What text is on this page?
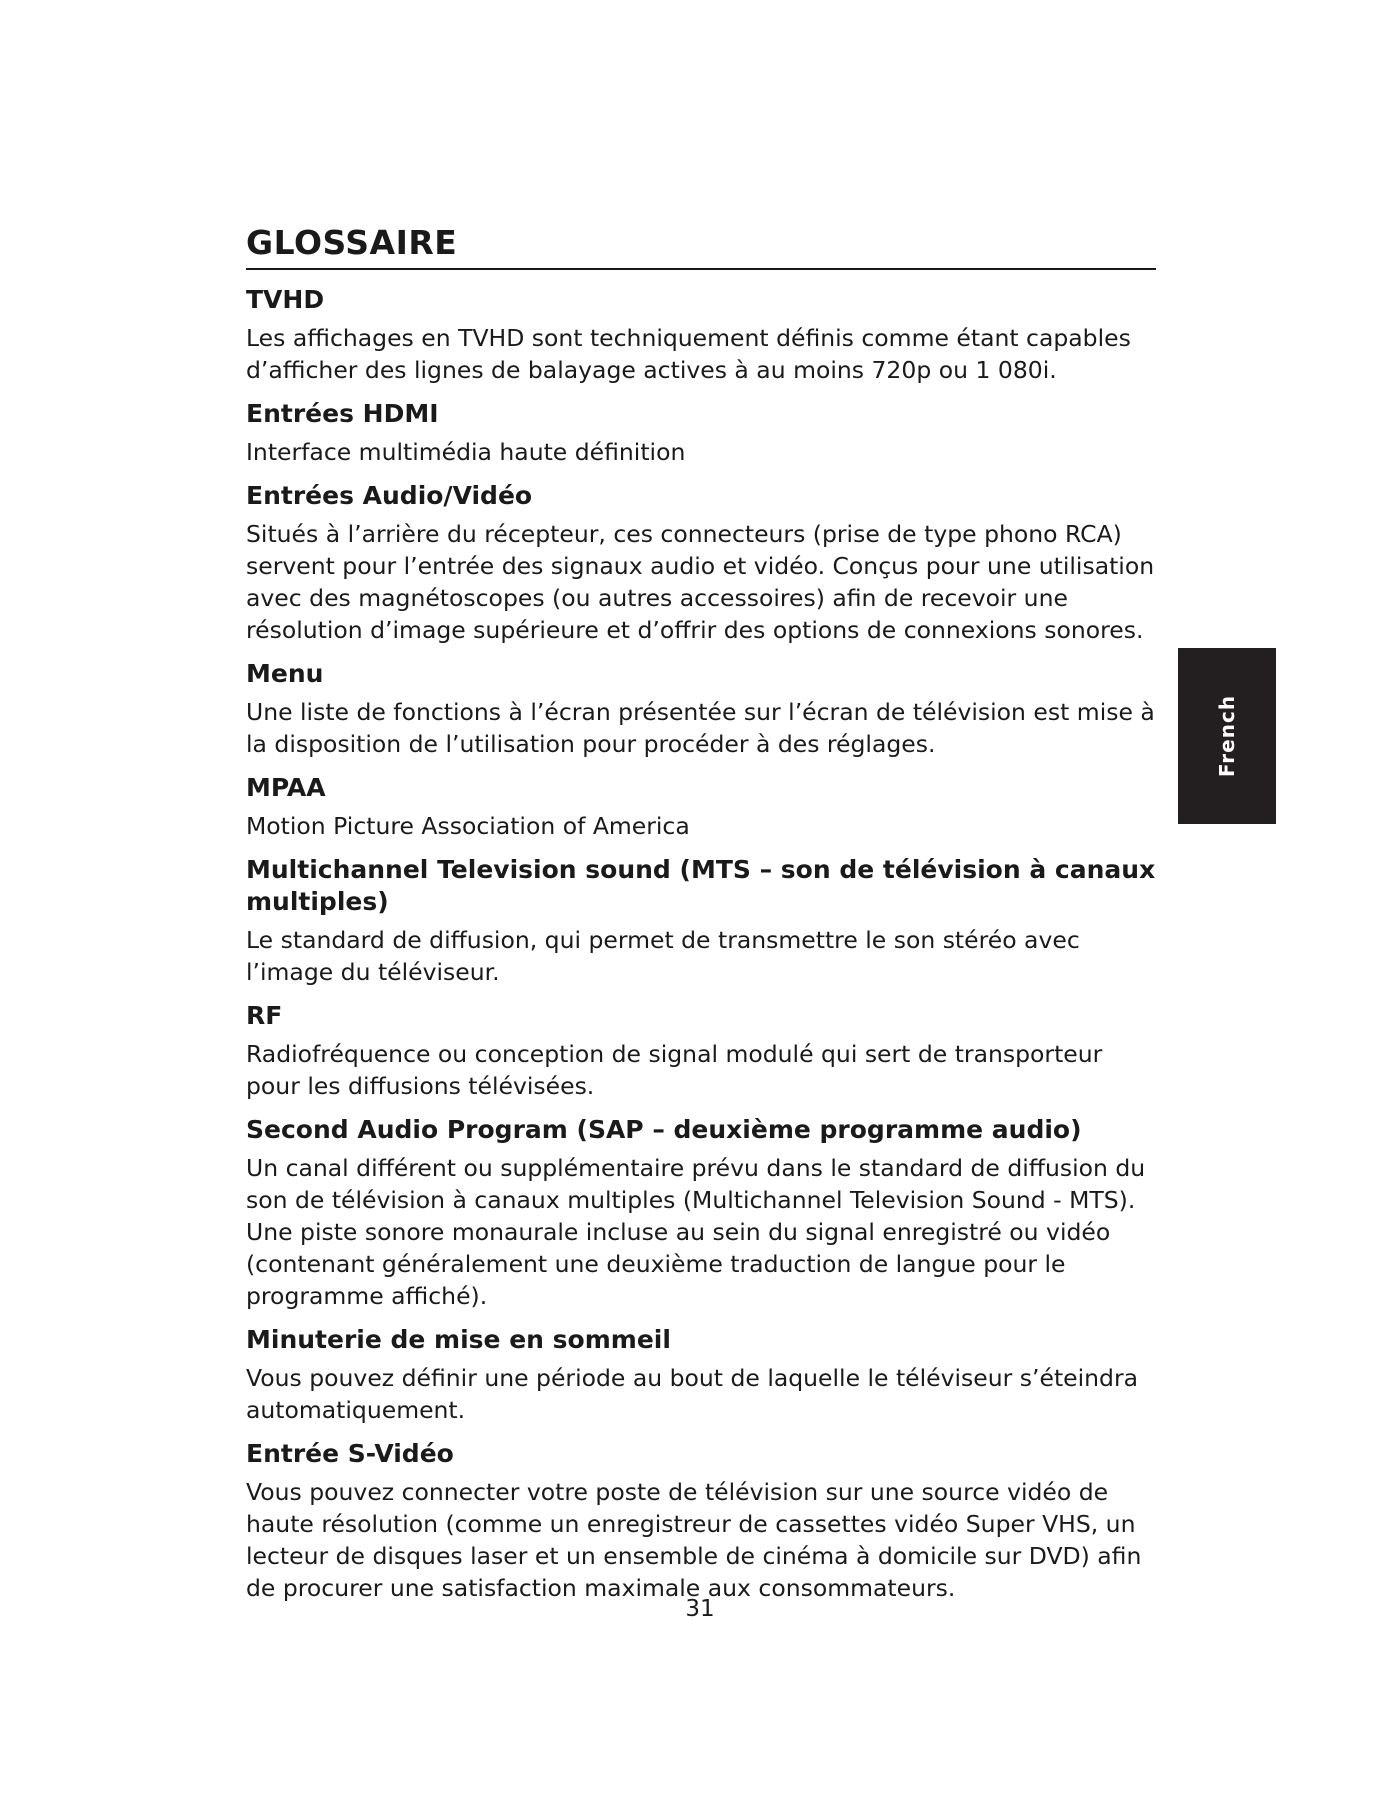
GLOSSAIRE
TVHD
Les affichages en TVHD sont techniquement définis comme étant capables d’afficher des lignes de balayage actives à au moins 720p ou 1 080i.
Entrées HDMI
Interface multimédia haute définition
Entrées Audio/Vidéo
Situés à l’arrière du récepteur, ces connecteurs (prise de type phono RCA) servent pour l’entrée des signaux audio et vidéo. Conçus pour une utilisation avec des magnétoscopes (ou autres accessoires) afin de recevoir une résolution d’image supérieure et d’offrir des options de connexions sonores.
Menu
Une liste de fonctions à l’écran présentée sur l’écran de télévision est mise à la disposition de l’utilisation pour procéder à des réglages.
MPAA
Motion Picture Association of America
Multichannel Television sound (MTS – son de télévision à canaux multiples)
Le standard de diffusion, qui permet de transmettre le son stéréo avec l’image du téléviseur.
RF
Radiofréquence ou conception de signal modulé qui sert de transporteur pour les diffusions télévisées.
Second Audio Program (SAP – deuxième programme audio)
Un canal différent ou supplémentaire prévu dans le standard de diffusion du son de télévision à canaux multiples (Multichannel Television Sound - MTS). Une piste sonore monaurale incluse au sein du signal enregistré ou vidéo (contenant généralement une deuxième traduction de langue pour le programme affiché).
Minuterie de mise en sommeil
Vous pouvez définir une période au bout de laquelle le téléviseur s’éteindra automatiquement.
Entrée S-Vidéo
Vous pouvez connecter votre poste de télévision sur une source vidéo de haute résolution (comme un enregistreur de cassettes vidéo Super VHS, un lecteur de disques laser et un ensemble de cinéma à domicile sur DVD) afin de procurer une satisfaction maximale aux consommateurs.
French
31
